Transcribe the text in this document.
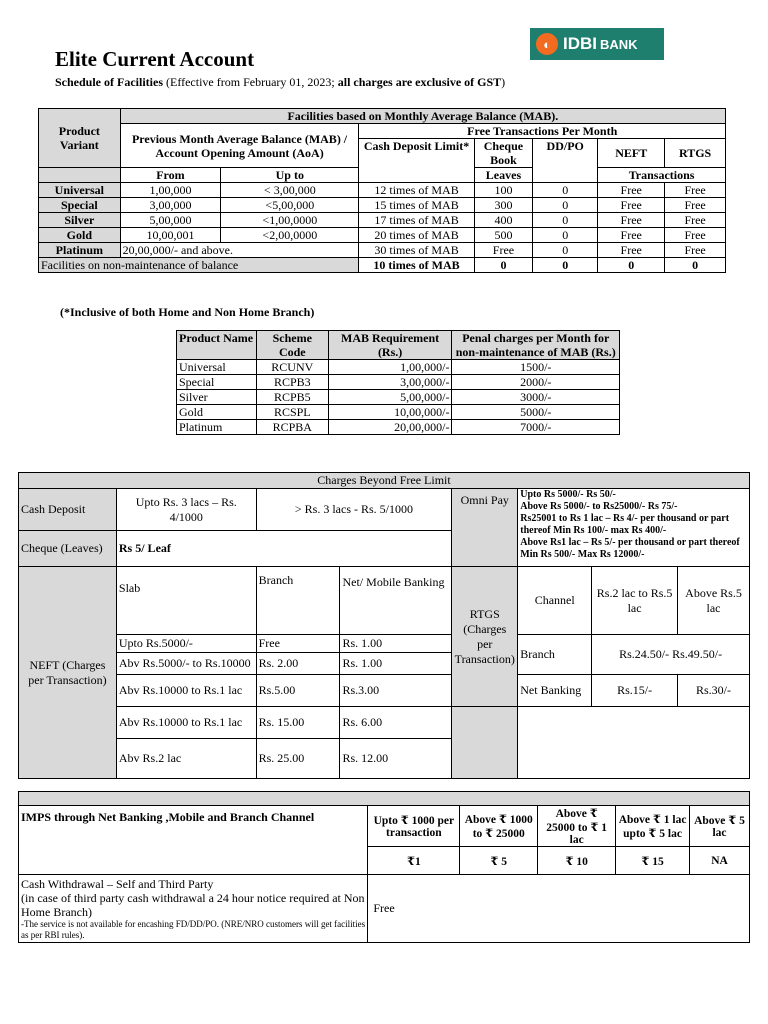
Elite Current Account
Schedule of Facilities (Effective from February 01, 2023; all charges are exclusive of GST)
◐ IDBI BANK
Product Variant	Facilities based on Monthly Average Balance (MAB).						
	Previous Month Average Balance (MAB) / Account Opening Amount (AoA)		Free Transactions Per Month				
			Cash Deposit Limit*	Cheque Book	DD/PO	NEFT	RTGS
	From	Up to		Leaves		Transactions	
Universal	1,00,000	< 3,00,000	12 times of MAB	100	0	Free	Free
Special	3,00,000	<5,00,000	15 times of MAB	300	0	Free	Free
Silver	5,00,000	<1,00,0000	17 times of MAB	400	0	Free	Free
Gold	10,00,001	<2,00,0000	20 times of MAB	500	0	Free	Free
Platinum	20,00,000/- and above.		30 times of MAB	Free	0	Free	Free
Facilities on non-maintenance of balance			10 times of MAB	0	0	0	0
(*Inclusive of both Home and Non Home Branch)
Product Name	Scheme Code	MAB Requirement (Rs.)	Penal charges per Month for non-maintenance of MAB (Rs.)
Universal	RCUNV	1,00,000/-	1500/-
Special	RCPB3	3,00,000/-	2000/-
Silver	RCPB5	5,00,000/-	3000/-
Gold	RCSPL	10,00,000/-	5000/-
Platinum	RCPBA	20,00,000/-	7000/-
Charges Beyond Free Limit							
Cash Deposit	Upto Rs. 3 lacs – Rs. 4/1000	> Rs. 3 lacs - Rs. 5/1000		Omni Pay	Upto Rs 5000/- Rs 50/-
Above Rs 5000/- to Rs25000/- Rs 75/-
Rs25001 to Rs 1 lac – Rs 4/- per thousand or part thereof Min Rs 100/- max Rs 400/-
Above Rs1 lac – Rs 5/- per thousand or part thereof Min Rs 500/- Max Rs 12000/-		

Cheque (Leaves)	Rs 5/ Leaf						
NEFT (Charges per Transaction)	Slab	Branch	Net/ Mobile Banking	RTGS (Charges per Transaction)	Channel	Rs.2 lac to Rs.5 lac	Above Rs.5 lac
	Upto Rs.5000/-	Free	Rs. 1.00		Branch	Rs.24.50/- Rs.49.50/-	
	Abv Rs.5000/- to Rs.10000	Rs. 2.00	Rs. 1.00				
	Abv Rs.10000 to Rs.1 lac	Rs.5.00	Rs.3.00		Net Banking	Rs.15/-	Rs.30/-
	Abv Rs.10000 to Rs.1 lac	Rs. 15.00	Rs. 6.00				
	Abv Rs.2 lac	Rs. 25.00	Rs. 12.00				

IMPS through Net Banking ,Mobile and Branch Channel	Upto ₹ 1000 per transaction	Above ₹ 1000 to ₹ 25000	Above ₹ 25000 to ₹ 1 lac	Above ₹ 1 lac upto ₹ 5 lac	Above ₹ 5 lac
	₹1	₹ 5	₹ 10	₹ 15	NA

Cash Withdrawal – Self and Third Party
(in case of third party cash withdrawal a 24 hour notice required at Non Home Branch)
-The service is not available for encashing FD/DD/PO. (NRE/NRO customers will get facilities as per RBI rules).	Free				
